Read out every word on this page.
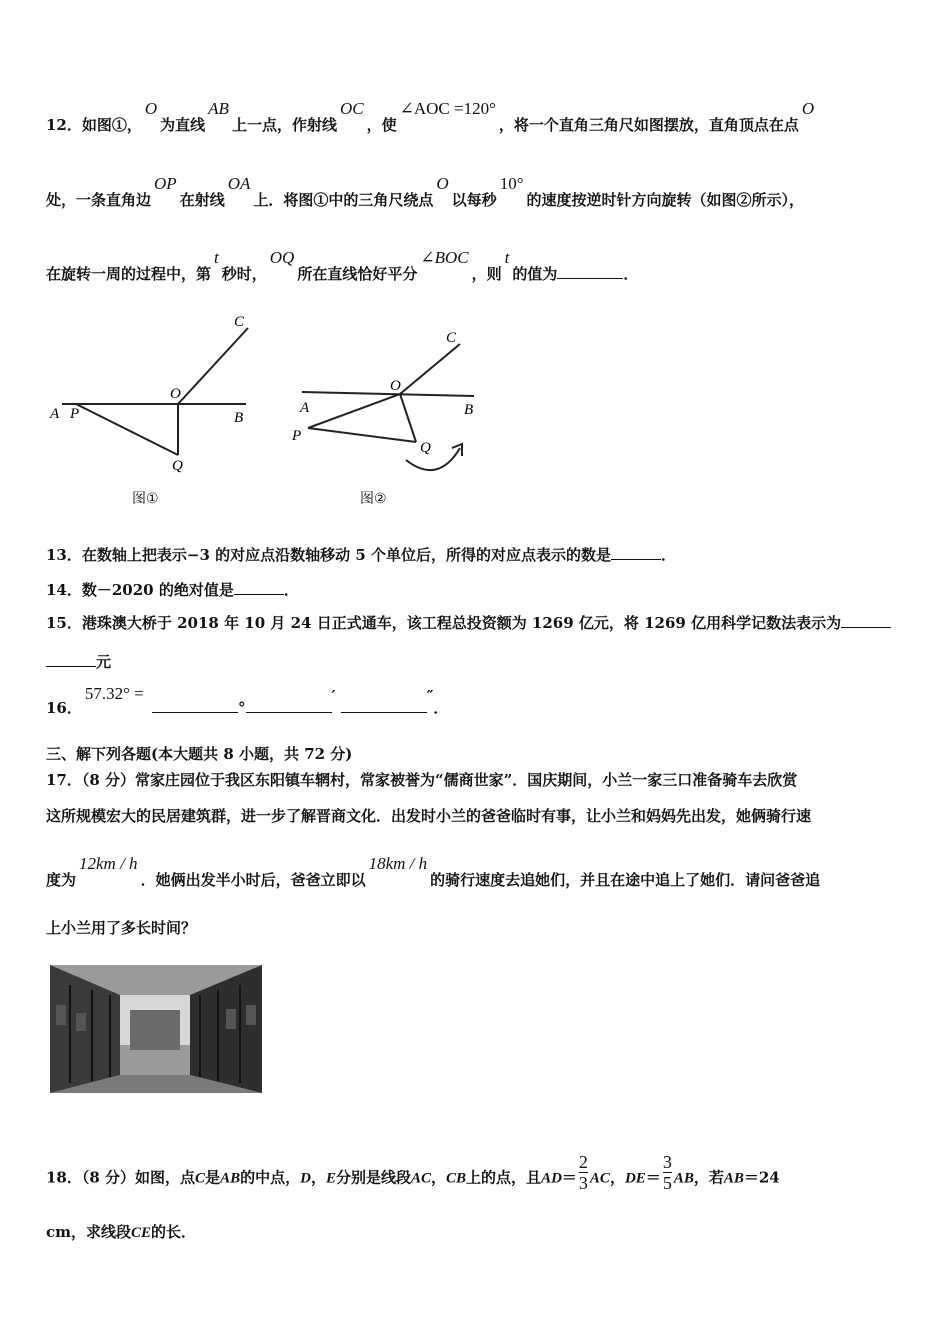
12．如图①，O为直线AB上一点，作射线OC，使∠AOC =120°，将一个直角三角尺如图摆放，直角顶点在点O
处，一条直角边OP在射线OA上．将图①中的三角尺绕点O以每秒10°的速度按逆时针方向旋转（如图②所示），
在旋转一周的过程中，第t秒时，OQ所在直线恰好平分∠BOC，则t的值为	．
C
O
A P	B
Q
图①
C
O
A	B
P
Q
图②
13．在数轴上把表示−3 的对应点沿数轴移动 5 个单位后，所得的对应点表示的数是	．
14．数－2020 的绝对值是	．
15．港珠澳大桥于 2018 年 10 月 24 日正式通车，该工程总投资额为 1269 亿元，将 1269 亿用科学记数法表示为
元
16．57.32° = °′	″．
三、解下列各题(本大题共 8 小题，共 72 分)
17．（8 分）常家庄园位于我区东阳镇车辋村，常家被誉为“儒商世家”．国庆期间，小兰一家三口准备骑车去欣赏
这所规模宏大的民居建筑群，进一步了解晋商文化．出发时小兰的爸爸临时有事，让小兰和妈妈先出发，她俩骑行速
度为12km / h．她俩出发半小时后，爸爸立即以18km / h的骑行速度去追她们，并且在途中追上了她们．请问爸爸追
上小兰用了多长时间？
18．（8 分）如图，点C是AB的中点，D，E分别是线段AC，CB上的点，且$AD= \frac{2}{3}$ AC，$DE= \frac{3}{5}$ AB，若AB＝24
cm，求线段CE的长．
